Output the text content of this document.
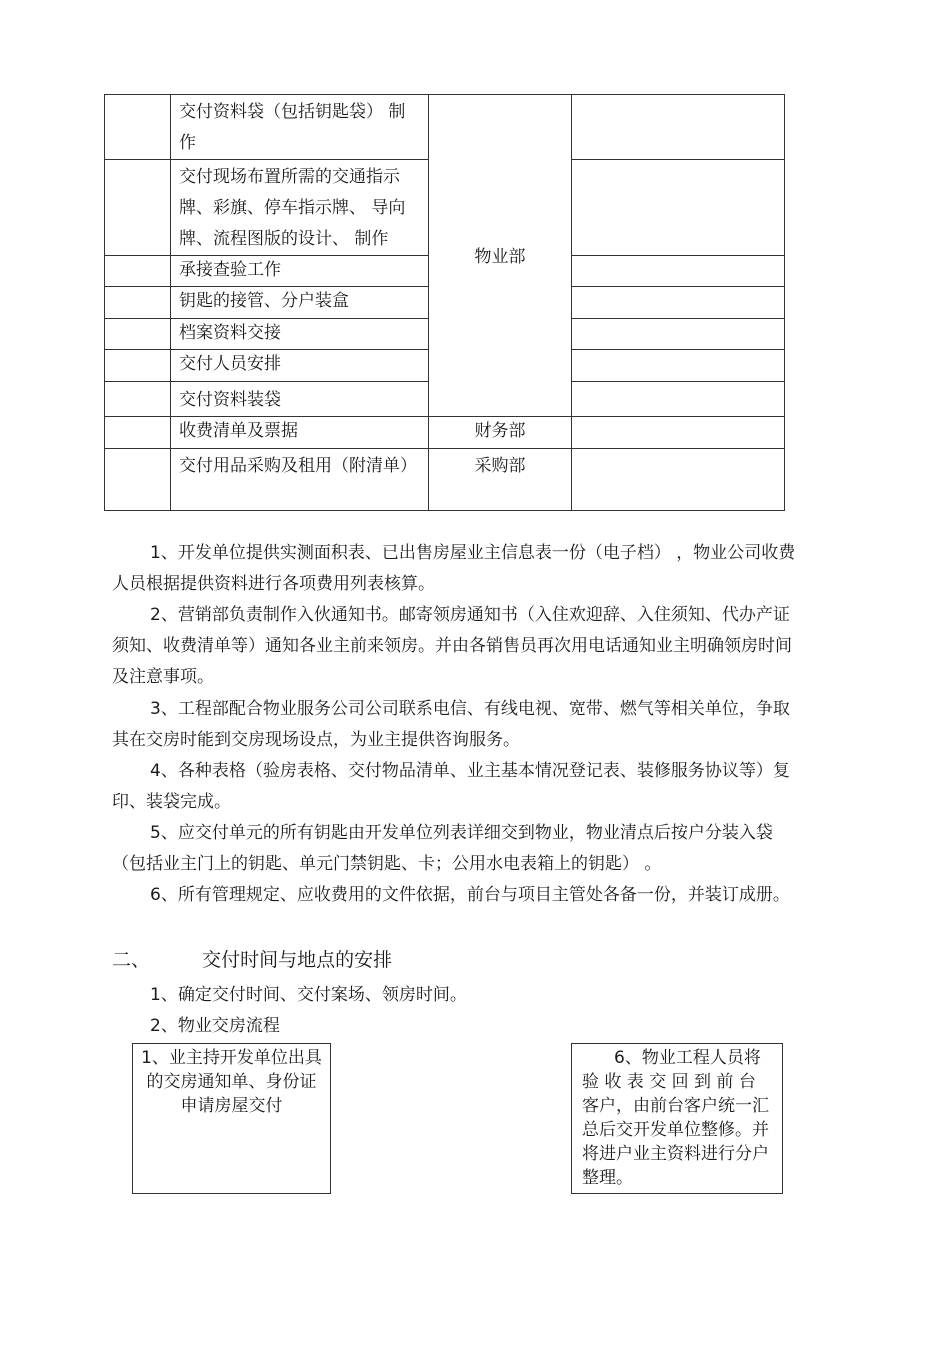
	交付资料袋（包括钥匙袋） 制作	物业部	
	交付现场布置所需的交通指示牌、彩旗、停车指示牌、 导向牌、流程图版的设计、 制作		
	承接查验工作		
	钥匙的接管、分户装盒		
	档案资料交接		
	交付人员安排		
	交付资料装袋		
	收费清单及票据	财务部	
	交付用品采购及租用（附清单）	采购部	

1、开发单位提供实测面积表、已出售房屋业主信息表一份（电子档） ，物业公司收费人员根据提供资料进行各项费用列表核算。

2、营销部负责制作入伙通知书。邮寄领房通知书（入住欢迎辞、入住须知、代办产证须知、收费清单等）通知各业主前来领房。并由各销售员再次用电话通知业主明确领房时间及注意事项。

3、工程部配合物业服务公司公司联系电信、有线电视、宽带、燃气等相关单位，争取其在交房时能到交房现场设点，为业主提供咨询服务。

4、各种表格（验房表格、交付物品清单、业主基本情况登记表、装修服务协议等）复印、装袋完成。

5、应交付单元的所有钥匙由开发单位列表详细交到物业，物业清点后按户分装入袋（包括业主门上的钥匙、单元门禁钥匙、卡；公用水电表箱上的钥匙） 。

6、所有管理规定、应收费用的文件依据，前台与项目主管处各备一份，并装订成册。

二、	交付时间与地点的安排

1、确定交付时间、交付案场、领房时间。

2、物业交房流程

1、业主持开发单位出具的交房通知单、身份证申请房屋交付
6、物业工程人员将验 收 表 交 回 到 前 台 客户，由前台客户统一汇总后交开发单位整修。并将进户业主资料进行分户整理。
